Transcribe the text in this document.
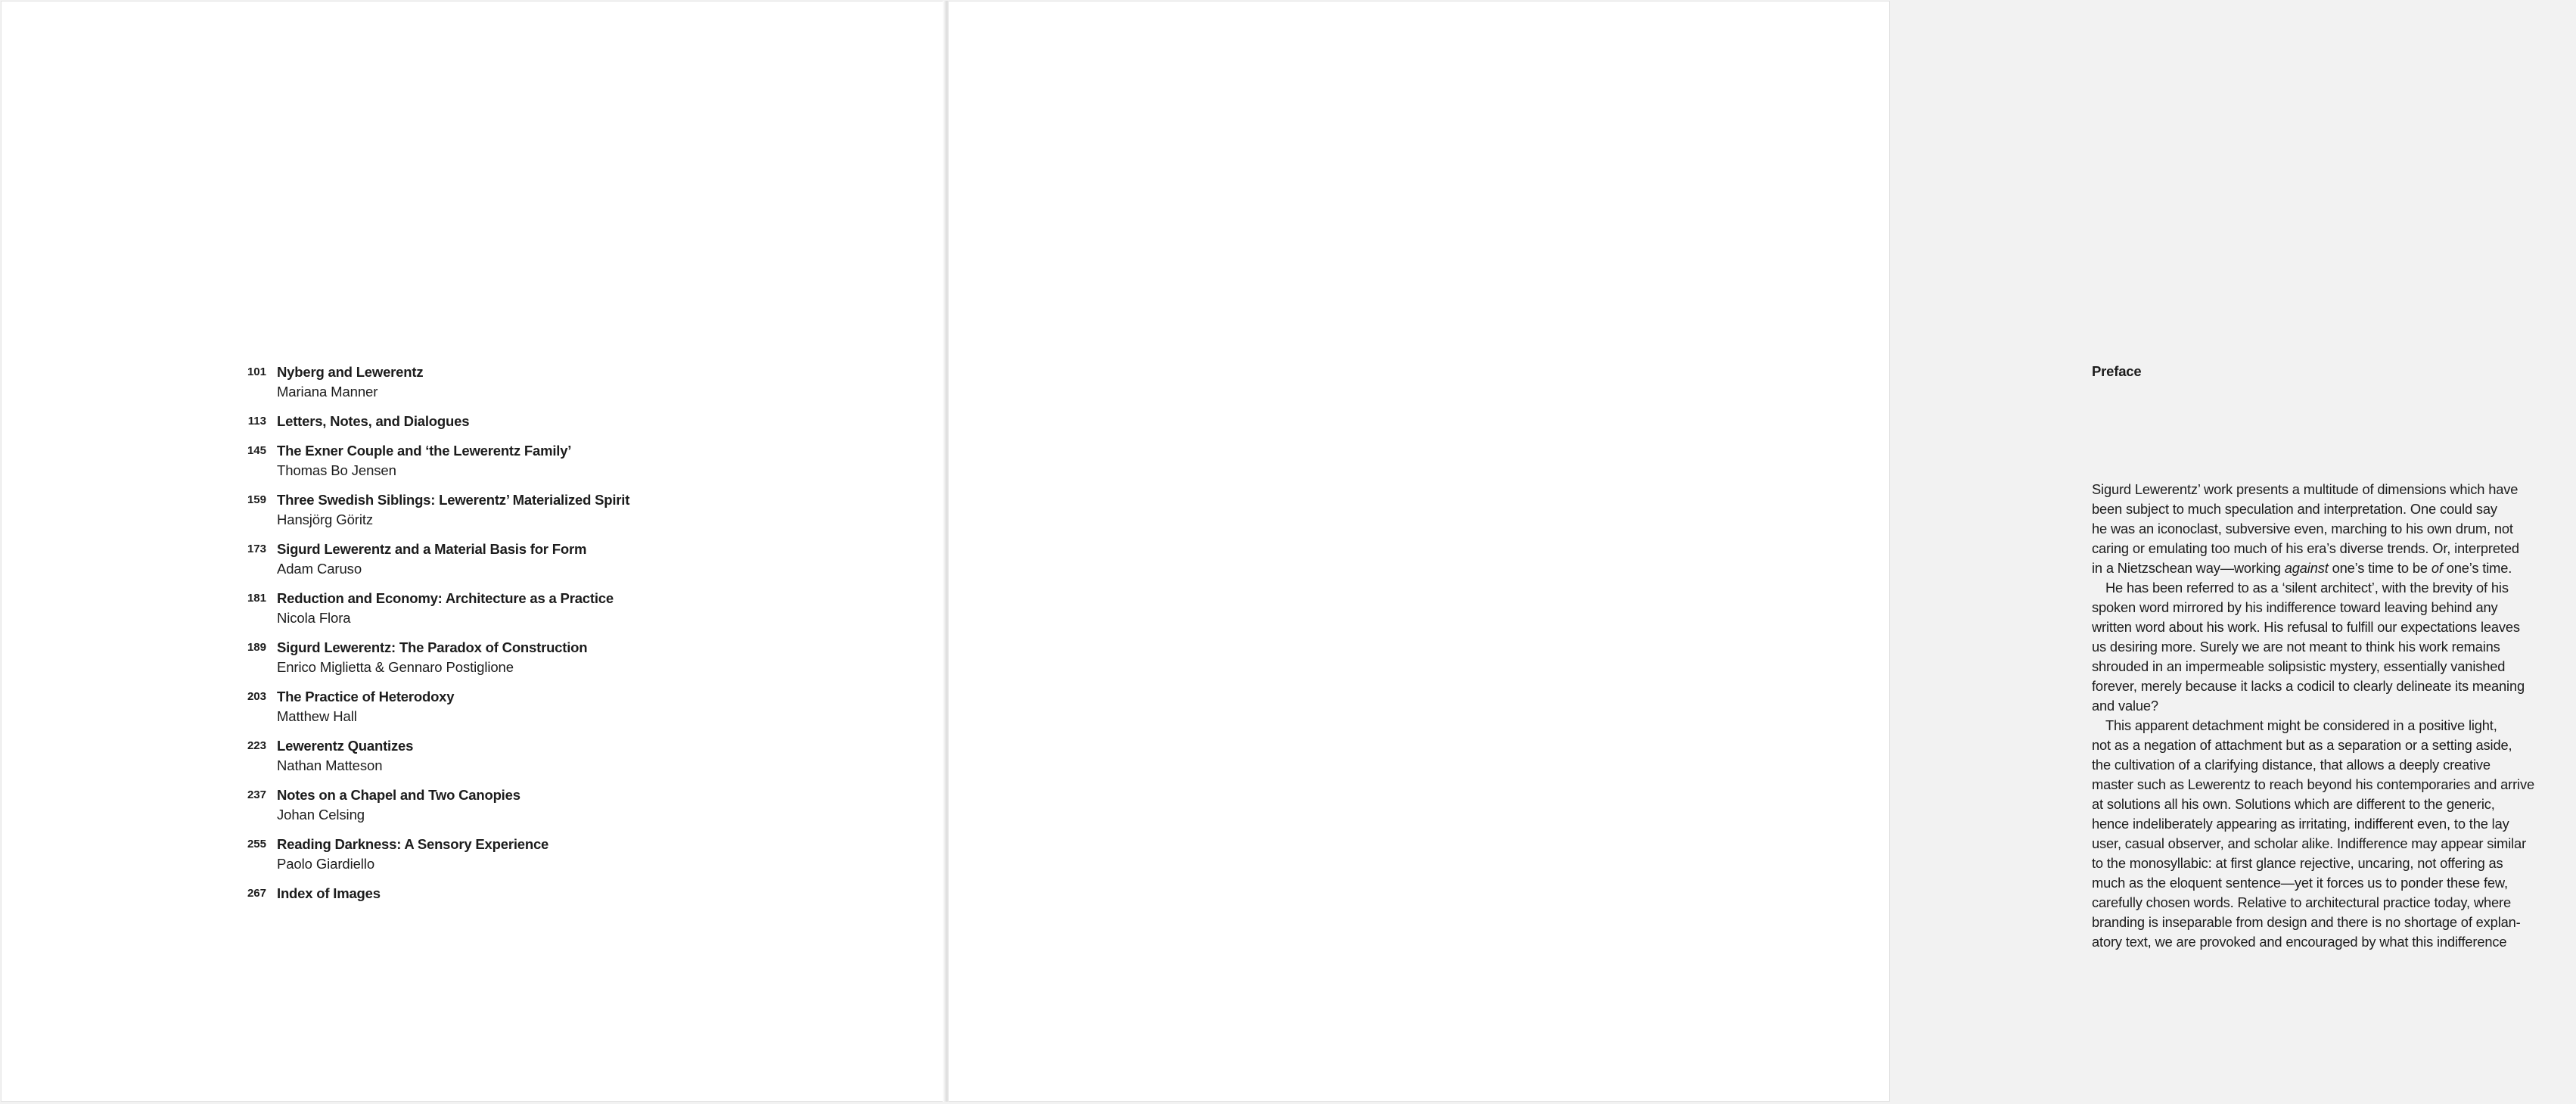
101 Nyberg and Lewerentz
Mariana Manner
113 Letters, Notes, and Dialogues
145 The Exner Couple and ‘the Lewerentz Family’
Thomas Bo Jensen
159 Three Swedish Siblings: Lewerentz’ Materialized Spirit
Hansjörg Göritz
173 Sigurd Lewerentz and a Material Basis for Form
Adam Caruso
181 Reduction and Economy: Architecture as a Practice
Nicola Flora
189 Sigurd Lewerentz: The Paradox of Construction
Enrico Miglietta & Gennaro Postiglione
203 The Practice of Heterodoxy
Matthew Hall
223 Lewerentz Quantizes
Nathan Matteson
237 Notes on a Chapel and Two Canopies
Johan Celsing
255 Reading Darkness: A Sensory Experience
Paolo Giardiello
267 Index of Images
Preface
Sigurd Lewerentz’ work presents a multitude of dimensions which have
been subject to much speculation and interpretation. One could say
he was an iconoclast, subversive even, marching to his own drum, not
caring or emulating too much of his era’s diverse trends. Or, interpreted
in a Nietzschean way—working against one’s time to be of one’s time.
He has been referred to as a ‘silent architect’, with the brevity of his
spoken word mirrored by his indifference toward leaving behind any
written word about his work. His refusal to fulfill our expectations leaves
us desiring more. Surely we are not meant to think his work remains
shrouded in an impermeable solipsistic mystery, essentially vanished
forever, merely because it lacks a codicil to clearly delineate its meaning
and value?
This apparent detachment might be considered in a positive light,
not as a negation of attachment but as a separation or a setting aside,
the cultivation of a clarifying distance, that allows a deeply creative
master such as Lewerentz to reach beyond his contemporaries and arrive
at solutions all his own. Solutions which are different to the generic,
hence indeliberately appearing as irritating, indifferent even, to the lay
user, casual observer, and scholar alike. Indifference may appear similar
to the monosyllabic: at first glance rejective, uncaring, not offering as
much as the eloquent sentence—yet it forces us to ponder these few,
carefully chosen words. Relative to architectural practice today, where
branding is inseparable from design and there is no shortage of explan-
atory text, we are provoked and encouraged by what this indifference
